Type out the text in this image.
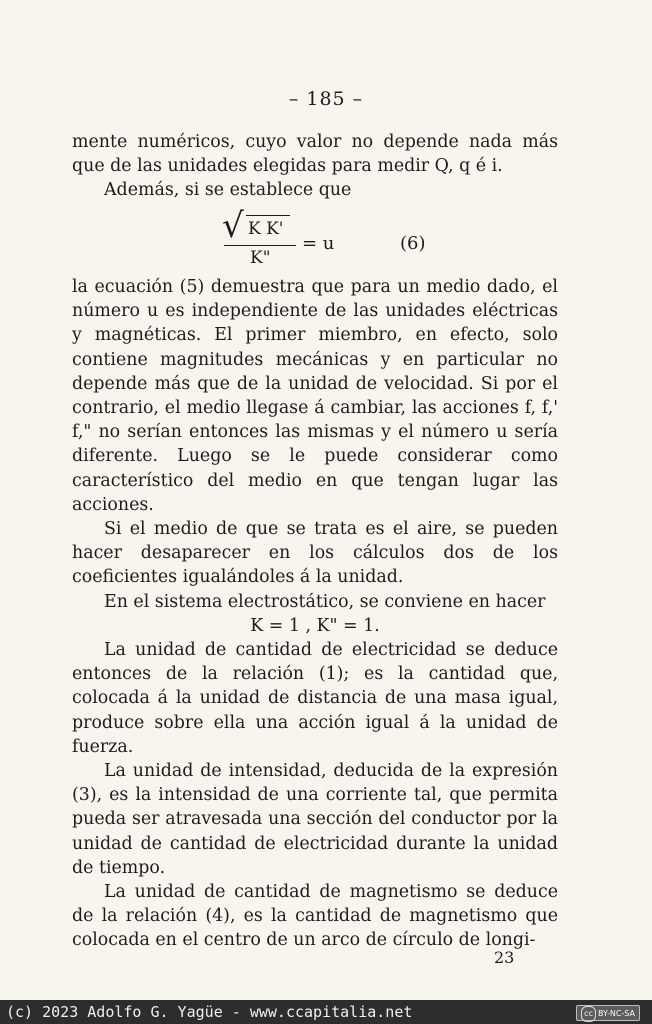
– 185 –

mente numéricos, cuyo valor no depende nada más que de las unidades elegidas para medir Q, q é i.

Además, si se establece que

√ K K'
K"
= u	(6)

la ecuación (5) demuestra que para un medio dado, el número u es independiente de las unidades eléctricas y magnéticas. El primer miembro, en efecto, solo contiene magnitudes mecánicas y en particular no depende más que de la unidad de velocidad. Si por el contrario, el medio llegase á cambiar, las acciones f, f,' f," no serían entonces las mismas y el número u sería diferente. Luego se le puede considerar como característico del medio en que tengan lugar las acciones.

Si el medio de que se trata es el aire, se pueden hacer desaparecer en los cálculos dos de los coeficientes igualándoles á la unidad.

En el sistema electrostático, se conviene en hacer

K = 1 , K" = 1.

La unidad de cantidad de electricidad se deduce entonces de la relación (1); es la cantidad que, colocada á la unidad de distancia de una masa igual, produce sobre ella una acción igual á la unidad de fuerza.

La unidad de intensidad, deducida de la expresión (3), es la intensidad de una corriente tal, que permita pueda ser atravesada una sección del conductor por la unidad de cantidad de electricidad durante la unidad de tiempo.

La unidad de cantidad de magnetismo se deduce de la relación (4), es la cantidad de magnetismo que colocada en el centro de un arco de círculo de longi-

23
(c) 2023 Adolfo G. Yagüe - www.ccapitalia.net	cc BY-NC-SA
